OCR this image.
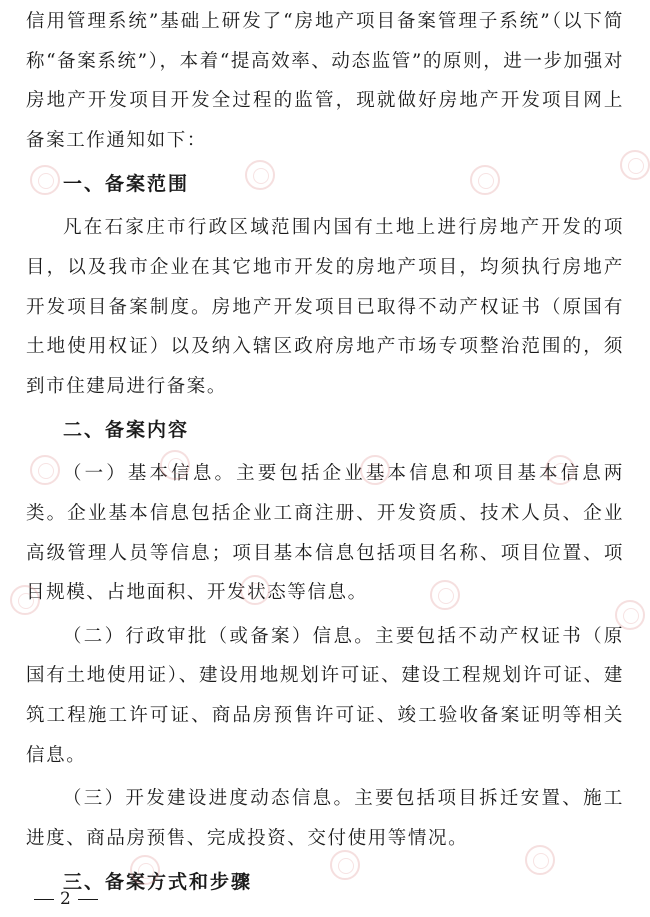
信用管理系统”基础上研发了“房地产项目备案管理子系统”（以下简称“备案系统”），本着“提高效率、动态监管”的原则，进一步加强对房地产开发项目开发全过程的监管，现就做好房地产开发项目网上备案工作通知如下：

一、备案范围

凡在石家庄市行政区域范围内国有土地上进行房地产开发的项目，以及我市企业在其它地市开发的房地产项目，均须执行房地产开发项目备案制度。房地产开发项目已取得不动产权证书（原国有土地使用权证）以及纳入辖区政府房地产市场专项整治范围的，须到市住建局进行备案。

二、备案内容

（一）基本信息。主要包括企业基本信息和项目基本信息两类。企业基本信息包括企业工商注册、开发资质、技术人员、企业高级管理人员等信息；项目基本信息包括项目名称、项目位置、项目规模、占地面积、开发状态等信息。

（二）行政审批（或备案）信息。主要包括不动产权证书（原国有土地使用证）、建设用地规划许可证、建设工程规划许可证、建筑工程施工许可证、商品房预售许可证、竣工验收备案证明等相关信息。

（三）开发建设进度动态信息。主要包括项目拆迁安置、施工进度、商品房预售、完成投资、交付使用等情况。

三、备案方式和步骤

2
